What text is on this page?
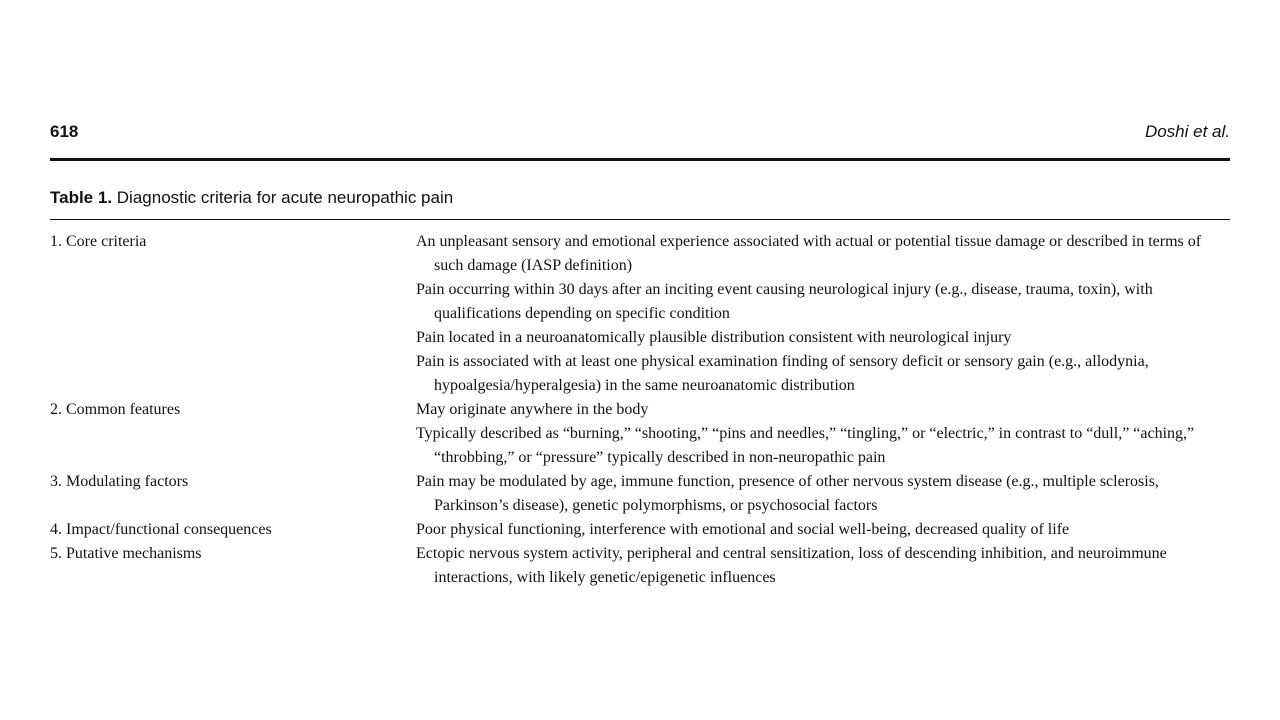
618	Doshi et al.
Table 1. Diagnostic criteria for acute neuropathic pain
1. Core criteria	An unpleasant sensory and emotional experience associated with actual or potential tissue damage or described in terms of such damage (IASP definition)
Pain occurring within 30 days after an inciting event causing neurological injury (e.g., disease, trauma, toxin), with qualifications depending on specific condition
Pain located in a neuroanatomically plausible distribution consistent with neurological injury
Pain is associated with at least one physical examination finding of sensory deficit or sensory gain (e.g., allodynia, hypoalgesia/hyperalgesia) in the same neuroanatomic distribution
2. Common features	May originate anywhere in the body
Typically described as “burning,” “shooting,” “pins and needles,” “tingling,” or “electric,” in contrast to “dull,” “aching,” “throbbing,” or “pressure” typically described in non-neuropathic pain
3. Modulating factors	Pain may be modulated by age, immune function, presence of other nervous system disease (e.g., multiple sclerosis, Parkinson’s disease), genetic polymorphisms, or psychosocial factors
4. Impact/functional consequences	Poor physical functioning, interference with emotional and social well-being, decreased quality of life
5. Putative mechanisms	Ectopic nervous system activity, peripheral and central sensitization, loss of descending inhibition, and neuroimmune interactions, with likely genetic/epigenetic influences
